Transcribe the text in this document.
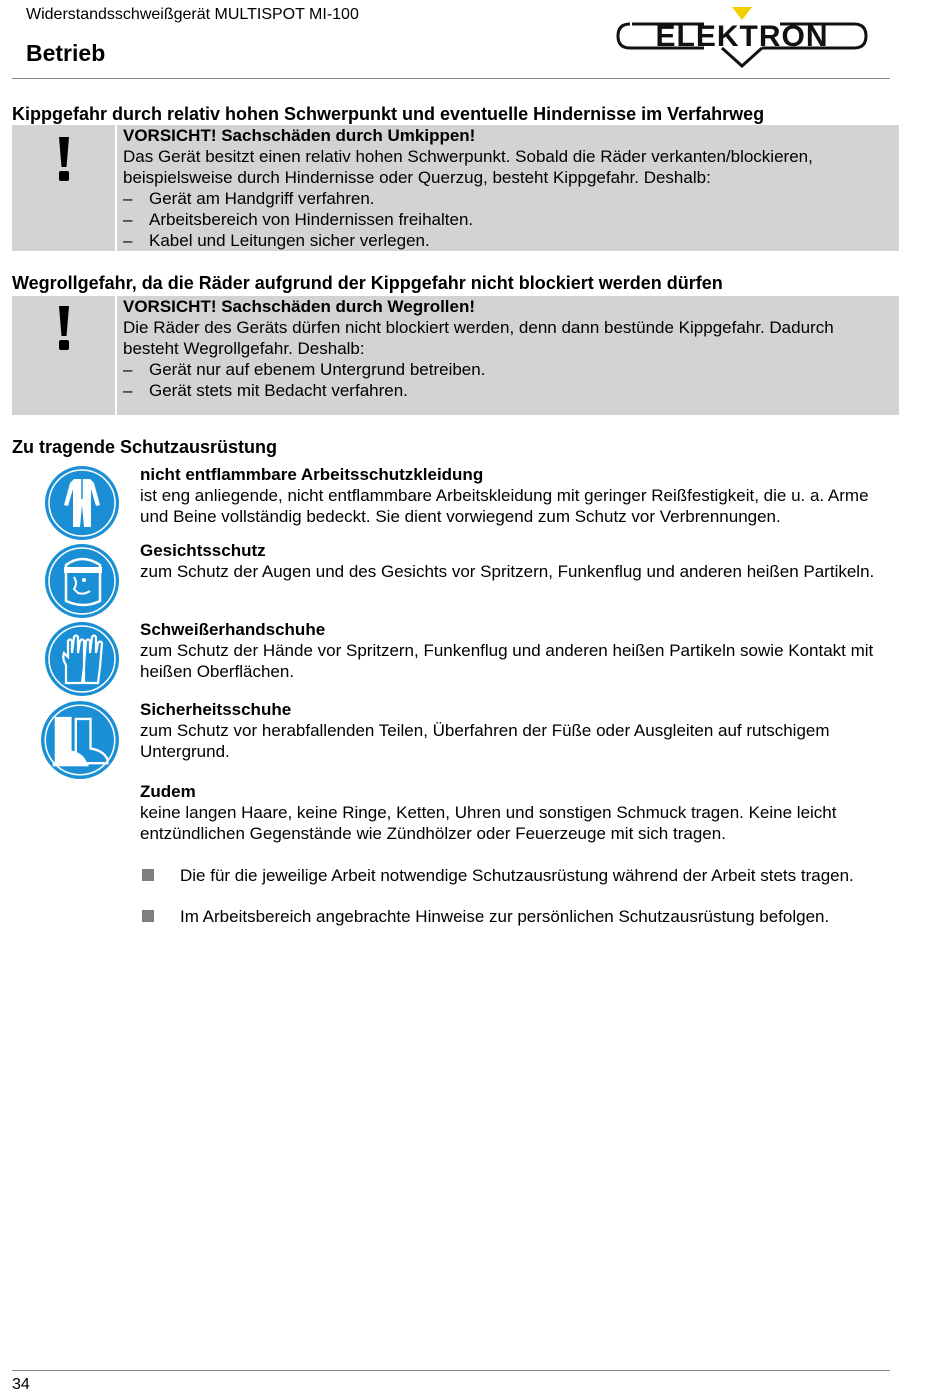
Widerstandsschweißgerät MULTISPOT MI-100
Betrieb	ELEKTRON
Kippgefahr durch relativ hohen Schwerpunkt und eventuelle Hindernisse im Verfahrweg
VORSICHT! Sachschäden durch Umkippen!
Das Gerät besitzt einen relativ hohen Schwerpunkt. Sobald die Räder verkanten/blockieren, beispielsweise durch Hindernisse oder Querzug, besteht Kippgefahr. Deshalb:
– Gerät am Handgriff verfahren.
– Arbeitsbereich von Hindernissen freihalten.
– Kabel und Leitungen sicher verlegen.
Wegrollgefahr, da die Räder aufgrund der Kippgefahr nicht blockiert werden dürfen
VORSICHT! Sachschäden durch Wegrollen!
Die Räder des Geräts dürfen nicht blockiert werden, denn dann bestünde Kippgefahr. Dadurch besteht Wegrollgefahr. Deshalb:
– Gerät nur auf ebenem Untergrund betreiben.
– Gerät stets mit Bedacht verfahren.
Zu tragende Schutzausrüstung
nicht entflammbare Arbeitsschutzkleidung
ist eng anliegende, nicht entflammbare Arbeitskleidung mit geringer Reißfestigkeit, die u. a. Arme und Beine vollständig bedeckt. Sie dient vorwiegend zum Schutz vor Verbrennungen.
Gesichtsschutz
zum Schutz der Augen und des Gesichts vor Spritzern, Funkenflug und anderen heißen Partikeln.
Schweißerhandschuhe
zum Schutz der Hände vor Spritzern, Funkenflug und anderen heißen Partikeln sowie Kontakt mit heißen Oberflächen.
Sicherheitsschuhe
zum Schutz vor herabfallenden Teilen, Überfahren der Füße oder Ausgleiten auf rutschigem Untergrund.
Zudem
keine langen Haare, keine Ringe, Ketten, Uhren und sonstigen Schmuck tragen. Keine leicht entzündlichen Gegenstände wie Zündhölzer oder Feuerzeuge mit sich tragen.
Die für die jeweilige Arbeit notwendige Schutzausrüstung während der Arbeit stets tragen.
Im Arbeitsbereich angebrachte Hinweise zur persönlichen Schutzausrüstung befolgen.
34
